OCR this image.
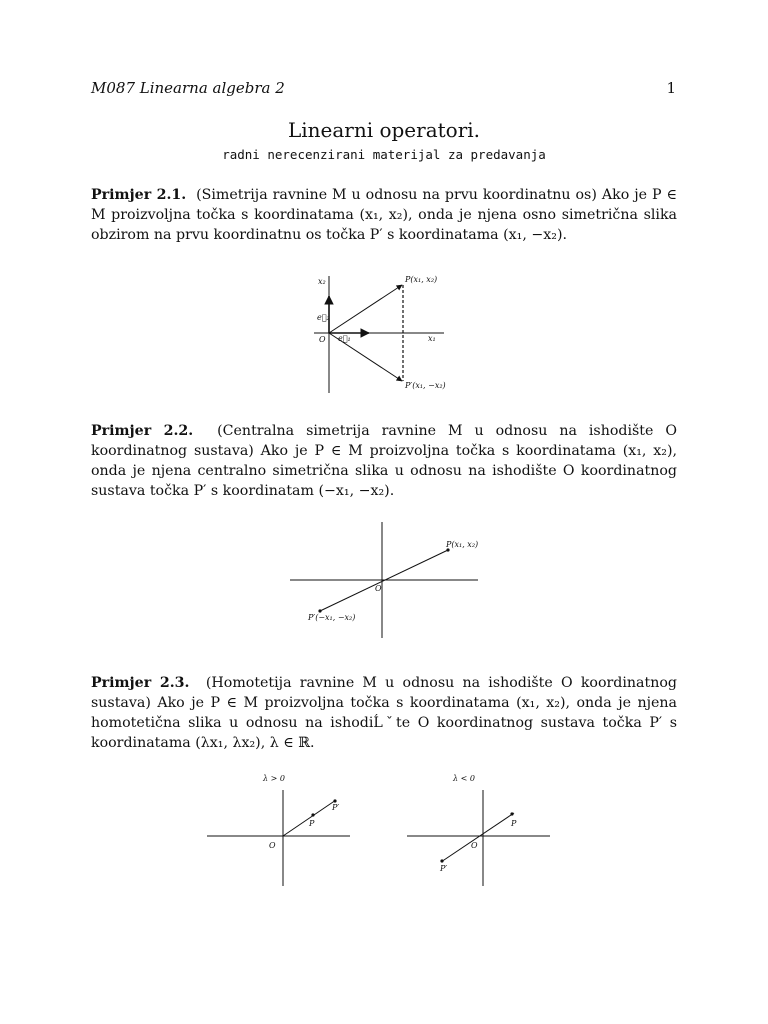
M087 Linearna algebra 2	1
Linearni operatori.
radni nerecenzirani materijal za predavanja
Primjer 2.1. (Simetrija ravnine M u odnosu na prvu koordinatnu os) Ako je P ∈ M proizvoljna točka s koordinatama (x₁, x₂), onda je njena osno simetrična slika obzirom na prvu koordinatnu os točka P′ s koordinatama (x₁, −x₂).
x₂
x₁
O
e⃗₂
e⃗₁
P(x₁, x₂)
P′(x₁, −x₂)
Primjer 2.2. (Centralna simetrija ravnine M u odnosu na ishodište O koordinatnog sustava) Ako je P ∈ M proizvoljna točka s koordinatama (x₁, x₂), onda je njena centralno simetrična slika u odnosu na ishodište O koordinatnog sustava točka P′ s koordinatam (−x₁, −x₂).
O
P(x₁, x₂)
P′(−x₁, −x₂)
Primjer 2.3. (Homotetija ravnine M u odnosu na ishodište O koordinatnog sustava) Ako je P ∈ M proizvoljna točka s koordinatama (x₁, x₂), onda je njena homotetična slika u odnosu na ishodiĹˇte O koordinatnog sustava točka P′ s koordinatama (λx₁, λx₂), λ ∈ ℝ.
λ > 0
O
P
P′
λ < 0
O
P
P′
